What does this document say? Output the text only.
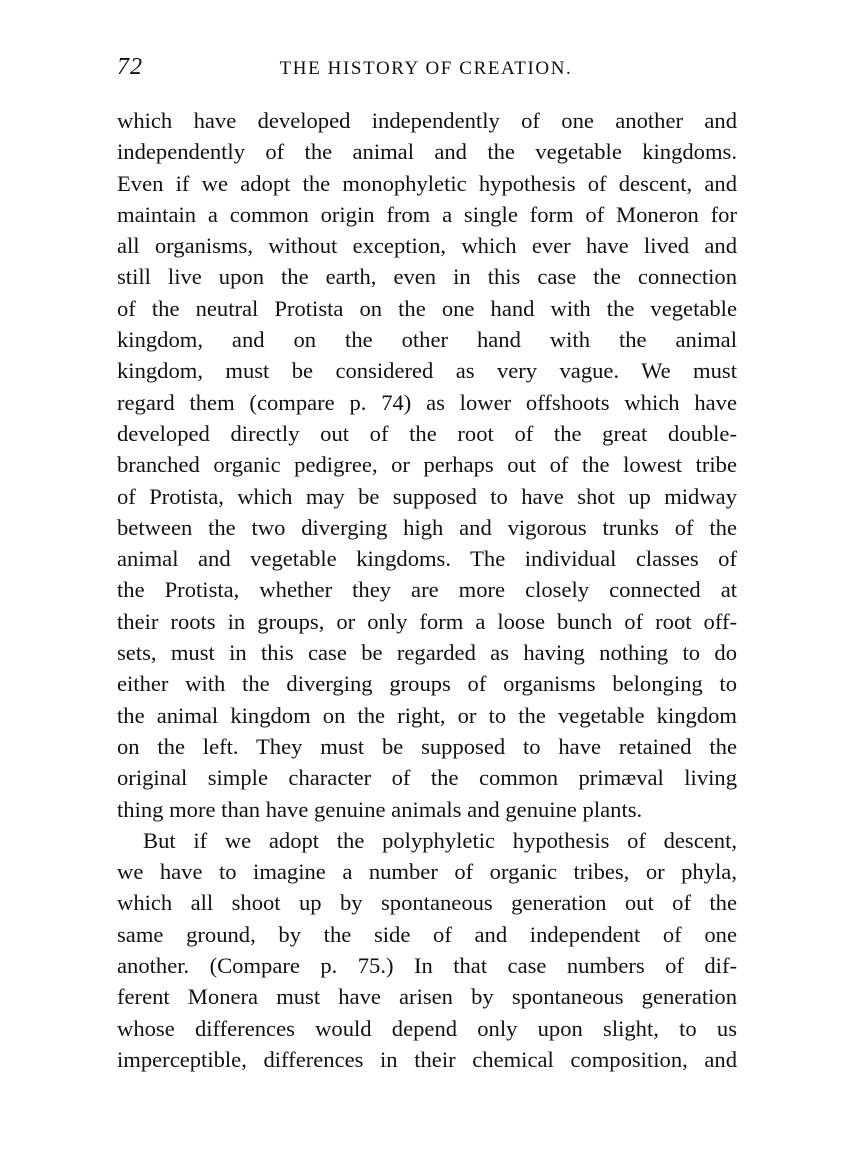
72	THE HISTORY OF CREATION.
which have developed independently of one another and
independently of the animal and the vegetable kingdoms.
Even if we adopt the monophyletic hypothesis of descent, and
maintain a common origin from a single form of Moneron for
all organisms, without exception, which ever have lived and
still live upon the earth, even in this case the connection
of the neutral Protista on the one hand with the vegetable
kingdom, and on the other hand with the animal
kingdom, must be considered as very vague. We must
regard them (compare p. 74) as lower offshoots which have
developed directly out of the root of the great double-
branched organic pedigree, or perhaps out of the lowest tribe
of Protista, which may be supposed to have shot up midway
between the two diverging high and vigorous trunks of the
animal and vegetable kingdoms. The individual classes of
the Protista, whether they are more closely connected at
their roots in groups, or only form a loose bunch of root off-
sets, must in this case be regarded as having nothing to do
either with the diverging groups of organisms belonging to
the animal kingdom on the right, or to the vegetable kingdom
on the left. They must be supposed to have retained the
original simple character of the common primæval living
thing more than have genuine animals and genuine plants.
But if we adopt the polyphyletic hypothesis of descent,
we have to imagine a number of organic tribes, or phyla,
which all shoot up by spontaneous generation out of the
same ground, by the side of and independent of one
another. (Compare p. 75.) In that case numbers of dif-
ferent Monera must have arisen by spontaneous generation
whose differences would depend only upon slight, to us
imperceptible, differences in their chemical composition, and
